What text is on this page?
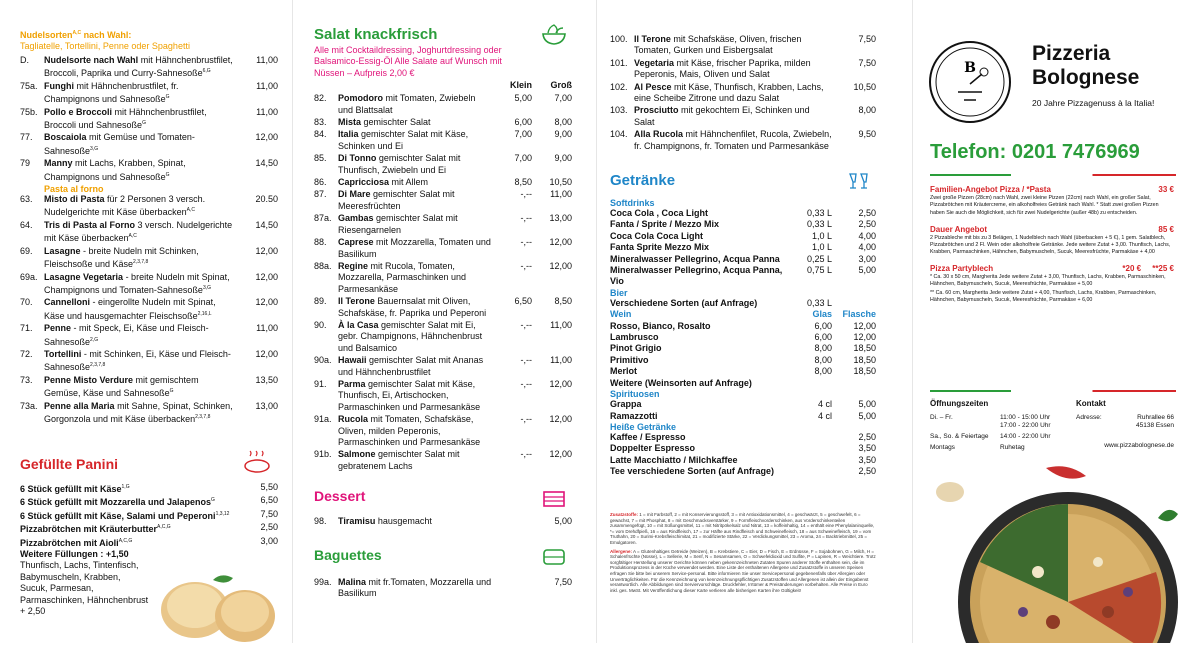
Nudelsorten$^{A,C}$ nach Wahl:
Tagliatelle, Tortellini, Penne oder Spaghetti
D.	Nudelsorte nach Wahl mit Hähnchenbrustfilet, Broccoli, Paprika und Curry-Sahnesoße$^{6,G}$
11,00
75a. Funghi mit Hähnchenbrustfilet, fr. Champignons und Sahnesoße$^G$
11,00
75b. Pollo e Broccoli mit Hähnchenbrustfilet, Broccoli und Sahnesoße$^G$
11,00
77.	Boscaiola mit Gemüse und Tomaten-Sahnesoße$^{3,G}$
12,00
79	Manny mit Lachs, Krabben, Spinat, Champignons und Sahnesoße$^G$
14,50
Pasta al forno
63.	Misto di Pasta für 2 Personen 3 versch. Nudelgerichte mit Käse überbacken$^{A,C}$
20.50
64.	Tris di Pasta al Forno 3 versch. Nudelgerichte mit Käse überbacken$^{A,C}$
14,50
69.	Lasagne - breite Nudeln mit Schinken, Fleischsoße und Käse$^{2,3,7,8}$
12,00
69a. Lasagne Vegetaria - breite Nudeln mit Spinat, Champignons und Tomaten-Sahnesoße$^{3,G}$
12,00
70.	Cannelloni - eingerollte Nudeln mit Spinat, Käse und hausgemachter Fleischsoße$^{2,16,L}$
12,00
71.	Penne - mit Speck, Ei, Käse und Fleisch-Sahnesoße$^{2,G}$
11,00
72.	Tortellini - mit Schinken, Ei, Käse und Fleisch-Sahnesoße$^{2,3,7,8}$
12,00
73.	Penne Misto Verdure mit gemischtem Gemüse, Käse und Sahnesoße$^G$
13,50
73a. Penne alla Maria mit Sahne, Spinat, Schinken, Gorgonzola und mit Käse überbacken$^{2,3,7,8}$
13,00
Gefüllte Panini
6 Stück gefüllt mit Käse$^{1,G}$	5,50
6 Stück gefüllt mit Mozzarella und Jalapenos$^G$	6,50
6 Stück gefüllt mit Käse, Salami und Peperoni$^{1,3,12}$	7,50
Pizzabrötchen mit Kräuterbutter$^{A,C,G}$	2,50
Pizzabrötchen mit Aioli$^{A,C,G}$	3,00
Weitere Füllungen : +1,50
Thunfisch, Lachs, Tintenfisch, Babymuscheln, Krabben, Sucuk, Parmesan, Parmaschinken, Hähnchenbrust + 2,50
Salat knackfrisch
Alle mit Cocktaildressing, Joghurtdressing oder Balsamico-Essig-Öl Alle Salate auf Wunsch mit Nüssen – Aufpreis 2,00 €
Klein	Groß
82.	Pomodoro mit Tomaten, Zwiebeln und Blattsalat
5,00	7,00
83.	Mista gemischter Salat	6,00	8,00
84.	Italia gemischter Salat mit Käse, Schinken und Ei
7,00	9,00
85.	Di Tonno gemischter Salat mit Thunfisch, Zwiebeln und Ei
7,00	9,00
86.	Capricciosa mit Allem	8,50	10,50
87.	Di Mare gemischter Salat mit Meeresfrüchten
-,--	11,00
87a. Gambas gemischter Salat mit Riesengarnelen
-,--	13,00
88.	Caprese mit Mozzarella, Tomaten und Basilikum
-,--	12,00
88a. Regine mit Rucola, Tomaten, Mozzarella, Parmaschinken und Parmesankäse
-,--	12,00
89.	Il Terone Bauernsalat mit Oliven, Schafskäse, fr. Paprika und Peperoni
6,50	8,50
90.	À la Casa gemischter Salat mit Ei, gebr. Champignons, Hähnchenbrust und Balsamico
-,--	11,00
90a. Hawaii gemischter Salat mit Ananas und Hähnchenbrustfilet
-,--	11,00
91.	Parma gemischter Salat mit Käse, Thunfisch, Ei, Artischocken, Parmaschinken und Parmesankäse
-,--	12,00
91a. Rucola mit Tomaten, Schafskäse, Oliven, milden Peperonis, Parmaschinken und Parmesankäse
-,--	12,00
91b. Salmone gemischter Salat mit gebratenem Lachs
-,--	12,00
Dessert
98.	Tiramisu hausgemacht	5,00
Baguettes
99a. Malina mit fr.Tomaten, Mozzarella und Basilikum
7,50
100. Il Terone mit Schafskäse, Oliven, frischen Tomaten, Gurken und Eisbergsalat
7,50
101. Vegetaria mit Käse, frischer Paprika, milden Peperonis, Mais, Oliven und Salat
7,50
102. Al Pesce mit Käse, Thunfisch, Krabben, Lachs, eine Scheibe Zitrone und dazu Salat
10,50
103. Prosciutto mit gekochtem Ei, Schinken und Salat
8,00
104. Alla Rucola mit Hähnchenfilet, Rucola, Zwiebeln, fr. Champignons, fr. Tomaten und Parmesankäse
9,50
Getränke
Softdrinks
Coca Cola , Coca Light	0,33 L	2,50
Fanta / Sprite / Mezzo Mix	0,33 L	2,50
Coca Cola Coca Light	1,0 L	4,00
Fanta Sprite Mezzo Mix	1,0 L	4,00
Mineralwasser Pellegrino, Acqua Panna	0,25 L	3,00
Mineralwasser Pellegrino, Acqua Panna, Vio
0,75 L	5,00
Bier
Verschiedene Sorten (auf Anfrage)	0,33 L
Wein	Glas	Flasche
Rosso, Bianco, Rosalto	6,00	12,00
Lambrusco	6,00	12,00
Pinot Grigio	8,00	18,50
Primitivo	8,00	18,50
Merlot	8,00	18,50
Weitere (Weinsorten auf Anfrage)
Spirituosen
Grappa	4 cl	5,00
Ramazzotti	4 cl	5,00
Heiße Getränke
Kaffee / Espresso	2,50
Doppelter Espresso	3,50
Latte Macchiatto / Milchkaffee	3,50
Tee verschiedene Sorten (auf Anfrage)	2,50
Zusatzstoffe: 1 = mit Farbstoff, 2 = mit Konservierungsstoff, 3 = mit Antioxidationsmittel, 4 = geschwärzt, 5 = geschwefelt, 6 = gewachst, 7 = mit Phosphat, 8 = mit Geschmacksverstärker, 9 = Formfleischvorderschinken, aus Vorderschinkenteilen zusammengefügt, 10 = mit Süßungsmittel, 11 = mit Nitritpökelsalz und Nitrat, 13 = koffeinhaltig, 14 = enthält eine Phenylalaninquelle, *= vom Drehdfpieß, 16 = aus Rindfleisch, 17 = zur Hälfte aus Rindfleisch und Schweinefleisch, 18 = aus Schweinefleisch, 19 = vom Truthahn, 20 = Surimi-Krebsfleischimitat, 21 = modifizierte Stärke, 22 = Verdickungsmittel, 23 = Aroma, 24 = Backtriebmittel, 25 = Emulgatoren.
Allergene: A = Glutenhaltiges Getreide (Weizen), B = Krebstiere, C = Eier, D = Fisch, E = Erdnüsse, F = Sojabohnen, G = Milch, H = Schalenfrüchte (Nüsse), L = Sellerie, M = Senf, N = Sesamsamen, O = Schwefeldioxid und Sulfite, P = Lupinen, R = Weichtiere. Trotz sorgfältiger Herstellung unserer Gerichte können neben gekennzeichneten Zutaten Spuren anderer Stoffe enthalten sein, die im Produktionsprozess in der Küche verwendet werden. Eine Liste der enthaltenen Allergene und Zusatzstoffe in unseren Speisen erfragen Sie bitte bei unserem Service-personal. Bitte informieren Sie unser Servicepersonal gegebenenfalls über Allergien oder Unverträglichkeiten. Für die Kennzeichnung von kennzeichnungspflichtigen Zusatzstoffen und Allergenen ist allein der Eingabenst verantwortlich. Alle Abbildungen sind Serviervorschläge. Druckfehler, Irrtümer & Preisänderungen vorbehalten. Alle Preise in Euro inkl. ges. MwSt. Mit Veröffentlichung dieser Karte verlieren alle bisherigen Karten ihre Gültigkeit!
B
Pizzeria
Bolognese
20 Jahre Pizzagenuss à la Italia!
Telefon: 0201 7476969
Familien-Angebot Pizza / *Pasta	33 €
Zwei große Pizzen (28cm) nach Wahl, zwei kleine Pizzen (22cm) nach Wahl, ein großer Salat, Pizzabrötchen mit Kräutercreme, ein alkoholfreies Getränk nach Wahl. * Statt zwei großen Pizzen haben Sie auch die Möglichkeit, sich für zwei Nudelgerichte (außer 48b) zu entscheiden.
Dauer Angebot	85 €
2 Pizzableche mit bis zu 3 Belägen, 1 Nudelblech nach Wahl (überbacken + 5 €), 1 gem. Salatblech, Pizzabrötchen und 2 Fl. Wein oder alkoholfreie Getränke. Jede weitere Zutat + 3,00. Thunfisch, Lachs, Krabben, Parmaschinken, Hähnchen, Babymuscheln, Sucuk, Meeresfrüchte, Parmakäse + 4,00
Pizza Partyblech	*20 €     **25 €
* Ca. 30 x 50 cm, Margherita Jede weitere Zutat + 3,00, Thunfisch, Lachs, Krabben, Parmaschinken, Hähnchen, Babymuscheln, Sucuk, Meeresfrüchte, Parmakäse + 5,00
** Ca. 60 cm, Margherita Jede weitere Zutat + 4,00, Thunfisch, Lachs, Krabben, Parmaschinken, Hähnchen, Babymuscheln, Sucuk, Meeresfrüchte, Parmakäse + 6,00
Öffnungszeiten
Di. – Fr.	11:00 - 15:00 Uhr
17:00 - 22:00 Uhr
Sa., So. & Feiertage	14:00 - 22:00 Uhr
Montags	Ruhetag
Kontakt
Adresse:	Ruhrallee 66
45138 Essen
www.pizzabolognese.de
